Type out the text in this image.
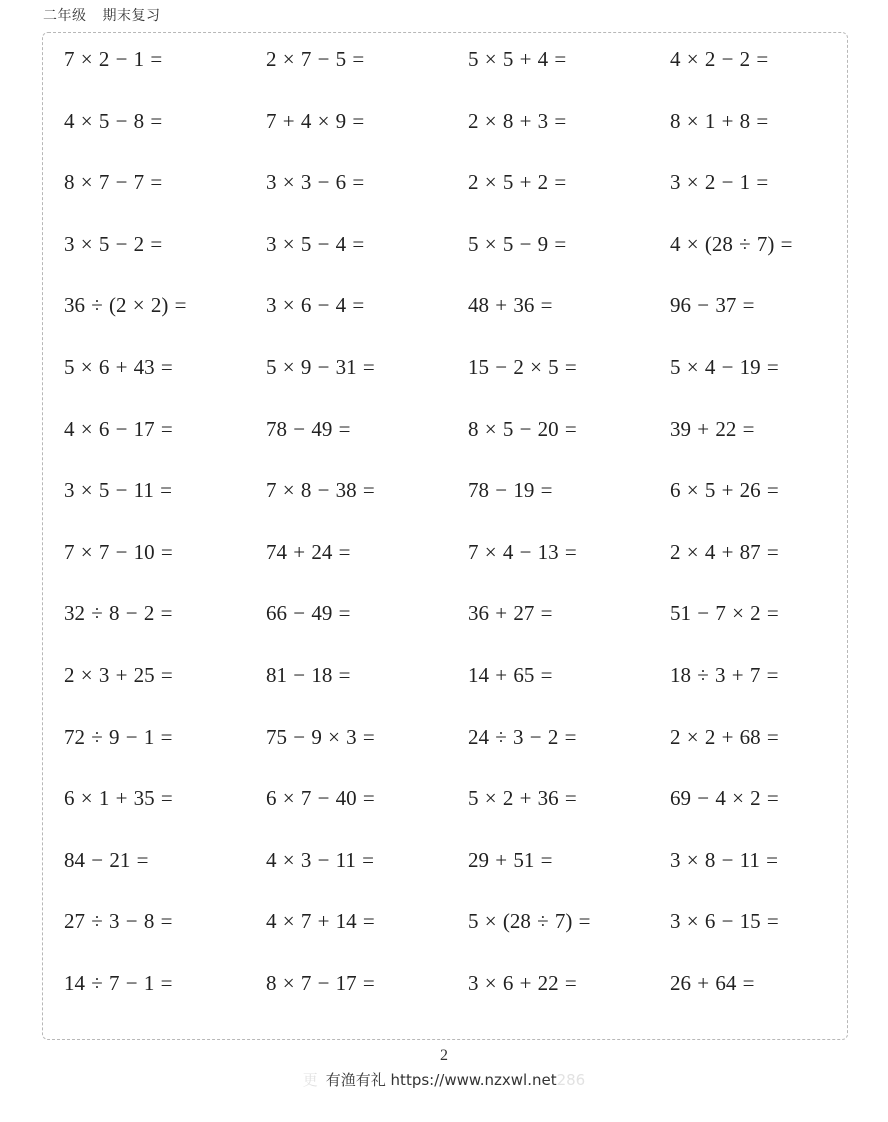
二年级 期末复习
7 × 2 − 1 =	2 × 7 − 5 =	5 × 5 + 4 =	4 × 2 − 2 =
4 × 5 − 8 =	7 + 4 × 9 =	2 × 8 + 3 =	8 × 1 + 8 =
8 × 7 − 7 =	3 × 3 − 6 =	2 × 5 + 2 =	3 × 2 − 1 =
3 × 5 − 2 =	3 × 5 − 4 =	5 × 5 − 9 =	4 × (28 ÷ 7) =
36 ÷ (2 × 2) =	3 × 6 − 4 =	48 + 36 =	96 − 37 =
5 × 6 + 43 =	5 × 9 − 31 =	15 − 2 × 5 =	5 × 4 − 19 =
4 × 6 − 17 =	78 − 49 =	8 × 5 − 20 =	39 + 22 =
3 × 5 − 11 =	7 × 8 − 38 =	78 − 19 =	6 × 5 + 26 =
7 × 7 − 10 =	74 + 24 =	7 × 4 − 13 =	2 × 4 + 87 =
32 ÷ 8 − 2 =	66 − 49 =	36 + 27 =	51 − 7 × 2 =
2 × 3 + 25 =	81 − 18 =	14 + 65 =	18 ÷ 3 + 7 =
72 ÷ 9 − 1 =	75 − 9 × 3 =	24 ÷ 3 − 2 =	2 × 2 + 68 =
6 × 1 + 35 =	6 × 7 − 40 =	5 × 2 + 36 =	69 − 4 × 2 =
84 − 21 =	4 × 3 − 11 =	29 + 51 =	3 × 8 − 11 =
27 ÷ 3 − 8 =	4 × 7 + 14 =	5 × (28 ÷ 7) =	3 × 6 − 15 =
14 ÷ 7 − 1 =	8 × 7 − 17 =	3 × 6 + 22 =	26 + 64 =
2
更 有渔有礼 https://www.nzxwl.net286
